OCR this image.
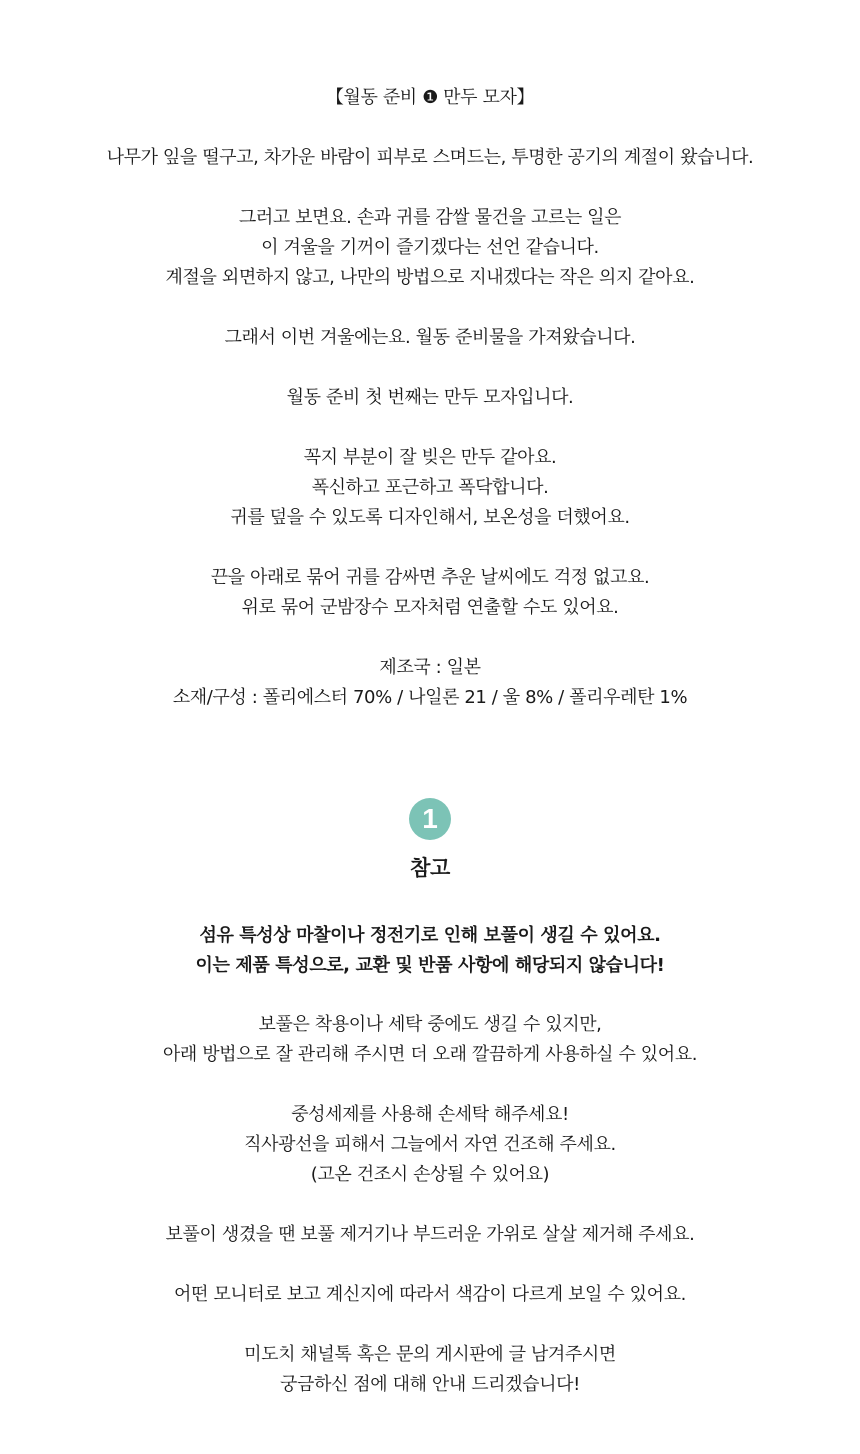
【월동 준비 ❶ 만두 모자】
나무가 잎을 떨구고, 차가운 바람이 피부로 스며드는, 투명한 공기의 계절이 왔습니다.
그러고 보면요. 손과 귀를 감쌀 물건을 고르는 일은
이 겨울을 기꺼이 즐기겠다는 선언 같습니다.
계절을 외면하지 않고, 나만의 방법으로 지내겠다는 작은 의지 같아요.
그래서 이번 겨울에는요. 월동 준비물을 가져왔습니다.
월동 준비 첫 번째는 만두 모자입니다.
꼭지 부분이 잘 빚은 만두 같아요.
폭신하고 포근하고 폭닥합니다.
귀를 덮을 수 있도록 디자인해서, 보온성을 더했어요.
끈을 아래로 묶어 귀를 감싸면 추운 날씨에도 걱정 없고요.
위로 묶어 군밤장수 모자처럼 연출할 수도 있어요.
제조국 : 일본
소재/구성 : 폴리에스터 70% / 나일론 21 / 울 8% / 폴리우레탄 1%
1
참고
섬유 특성상 마찰이나 정전기로 인해 보풀이 생길 수 있어요.
이는 제품 특성으로, 교환 및 반품 사항에 해당되지 않습니다!
보풀은 착용이나 세탁 중에도 생길 수 있지만,
아래 방법으로 잘 관리해 주시면 더 오래 깔끔하게 사용하실 수 있어요.
중성세제를 사용해 손세탁 해주세요!
직사광선을 피해서 그늘에서 자연 건조해 주세요.
(고온 건조시 손상될 수 있어요)
보풀이 생겼을 땐 보풀 제거기나 부드러운 가위로 살살 제거해 주세요.
어떤 모니터로 보고 계신지에 따라서 색감이 다르게 보일 수 있어요.
미도치 채널톡 혹은 문의 게시판에 글 남겨주시면
궁금하신 점에 대해 안내 드리겠습니다!
